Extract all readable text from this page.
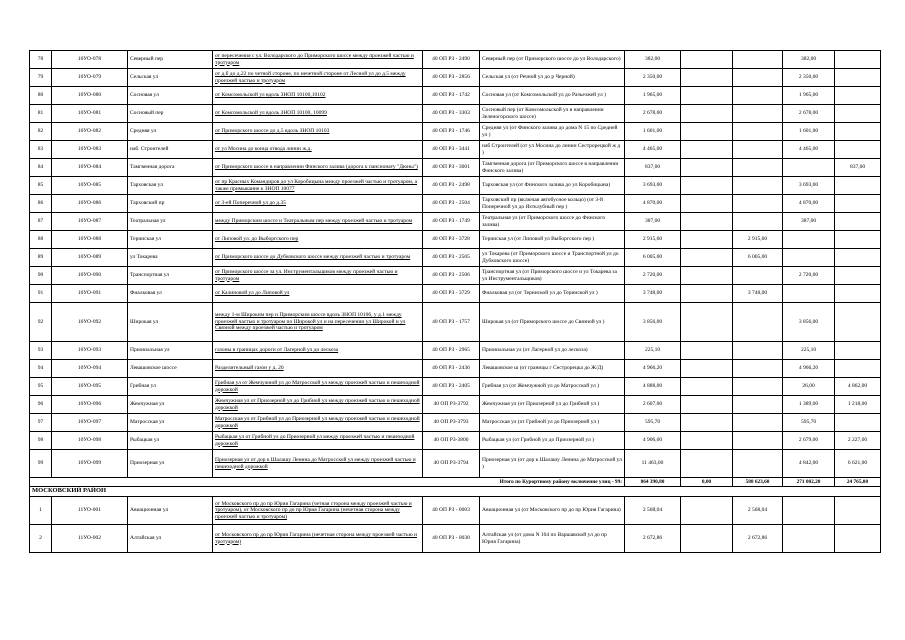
78	10УО-078	Северный пер	от пересечения с ул. Володарского до Приморского шоссе между проезжей частью и тротуаром	40 ОП РЗ - 2490	Северный пер (от Приморского шоссе до ул Володарского)	382,00			382,00	
79	10УО-079	Сельская ул	от д.б до д.22 по четной стороне, по нечетной стороне от Лесной ул до д.5 между проезжей частью и тротуаром	40 ОП РЗ - 2856	Сельская ул (от Речной ул до р Черной)	2 350,00			2 350,00	
80	10УО-080	Сосновая ул	от Комсомольской ул вдоль ЗНОП 10100,10102	40 ОП РЗ - 1742	Сосновая ул (от Комсомольской ул до Разъезжей ул )	1 965,00			1 965,00	
81	10УО-081	Сосновый пер	от Комсомольской ул вдоль ЗНОП 10100, 10099	40 ОП РЗ - 3303	Сосновый пер (от Комсомольской ул в направлении Зеленогорского шоссе)	2 678,00			2 678,00	
82	10УО-082	Средняя ул	от Приморского шоссе до д.5 вдоль ЗНОП 10103	40 ОП РЗ - 1746	Средняя ул (от Финского залива до дома N 15 по Средней ул )	1 601,00			1 601,00	
83	10УО-083	наб. Строителей	от ул Мосина до конца отвода линии ж.д.	40 ОП РЗ - 3441	наб Строителей (от ул Мосина до линии Сестрорецкой ж д )	4 465,00			4 465,00	
84	10УО-084	Тамгвенная дорога	от Приморского шоссе в направлении Финского залива (дорога к пансионату "Дюны")	40 ОП РЗ - 3001	Тамгвенная дорога (от Приморского шоссе в направлении Финского залива)	837,00				837,00
85	10УО-085	Тарховская ул	от пр Красных Командиров до ул Коробицына между проезжей частью и тротуаром, а также примыкание к ЗНОП 10077	40 ОП РЗ - 2498	Тарховская ул (от Финского залива до ул Коробицына)	3 693,00			3 693,00	
86	10УО-086	Тарховский пр	от 3-ей Поперечной ул до д.35	40 ОП РЗ - 2504	Тарховский пр (включая автобусное кольцо) (от 3-й Поперечной ул до Яхтклубный пер )	4 870,00			4 870,00	
87	10УО-087	Театральная ул	между Приморским шоссе и Театральным пер между проезжей частью и тротуаром	40 ОП РЗ - 1749	Театральная ул (от Приморского шоссе до Финского залива)	387,00			387,00	
88	10УО-088	Терииская ул	от Липовой ул. до Выборгского пер	40 ОП РЗ - 3728	Терииская ул (от Липовой ул Выборгского пер )	2 915,60		2 915,60		
89	10УО-089	ул Токарева	от Приморского шоссе до Дубковского шоссе между проезжей частью и тротуаром	40 ОП РЗ - 2505	ул Токарева (от Приморского шоссе и Транспортной ул до Дубковского шоссе)	6 005,00		6 005,00		
90	10УО-090	Транспортная ул	от Приморского шоссе за ул. Инструментальщиков между проезжей частью и тротуаром	40 ОП РЗ - 2506	Транспортная ул (от Приморского шоссе и ул Токарева за ул Инструментальщиков)	2 720,00			2 720,00	
91	10УО-091	Фиалковая ул	от Калиновой ул до Липовой ул	40 ОП РЗ - 3729	Фиалковая ул (от Терииской ул до Терииской ул )	3 748,00		3 748,00		
92	10УО-092	Широкая ул	между 1-м Широким пер и Приморским шоссе вдоль ЗНОП 10106, у д.1 между проезжей частью и тротуаром по Широкой ул и на пересечении ул Широкой и ул Связной между проезжей частью и тротуаром	40 ОП РЗ - 1757	Широкая ул (от Приморского шоссе до Связной ул )	3 856,00			3 856,00	
93	10УО-093	Приовзальная ул	газоны в границах дороги от Лагерной ул до лескоза	40 ОП РЗ - 2965	Приовзальная ул (от Лагерной ул до лескоза)	225,10			225,10	
94	10УО-094	Левашовское шоссе	Разделительный газон у д. 20	40 ОП РЗ - 2436	Левашовское ш (от границы г Сестрорецка до Ж/Д)	4 966,20			4 966,20	
95	10УО-095	Грибная ул	Грибная ул от Жемчужной ул до Матросской ул между проезжей частью и пешеходной дорожкой	40 ОП РЗ - 2405	Грибная ул (от Жемчужной ул до Матросской ул )	4 888,00			26,00	4 862,00
96	10УО-096	Жемчужная ул	Жемчужная ул от Приозерной ул до Грибной ул между проезжей частью и пешеходной дорожкой	40 ОП РЗ-3792	Жемчужная ул (от Приозерной ул до Грибной ул )	2 607,00			1 389,00	1 218,00
97	10УО-097	Матросская ул	Матросская ул от Грибной ул до Приозерной ул между проезжей частью и пешеходной дорожкой	40 ОП РЗ-3793	Матросская ул (от Грибной ул до Приозерной ул )	595,70			595,70	
98	10УО-098	Рыбацкая ул	Рыбацкая ул от Грибной ул до Приозерной ул между проезжей частью и пешеходной дорожкой	40 ОП РЗ-3800	Рыбацкая ул (от Грибной ул до Приозерной ул )	4 906,00			2 679,00	2 227,00
99	10УО-099	Приозерная ул	Приозерная ул от дор к Шалашу Ленина до Матросской ул между проезжей частью и пешеходной дорожкой	40 ОП РЗ-3794	Приозерная ул (от дор к Шалашу Ленина до Матросской ул )	11 463,00			4 842,00	6 621,00
Итого по Курортному району включение улиц - 99:						864 390,80	0,00	588 623,60	271 002,20	24 765,00
МОСКОВСКИЙ РАЙОН										
1	11УО-001	Авиационная ул	от Московского пр до пр Юрия Гагарина (четная сторона между проезжей частью и тротуаром), от Московского пр до пр Юрия Гагарина (нечетная сторона между проезжей частью и тротуаром)	40 ОП РЗ - 0003	Авиационная ул (от Московского пр до пр Юрия Гагарина)	2 568,04		2 568,04		
2	11УО-002	Алтайская ул	от Московского пр до пр Юрия Гагарина (нечетная сторона между проезжей частью и тротуаром)	40 ОП РЗ - 0038	Алтайская ул (от дома N 104 по Варшавской ул до пр Юрия Гагарина)	2 672,86		2 672,86		
